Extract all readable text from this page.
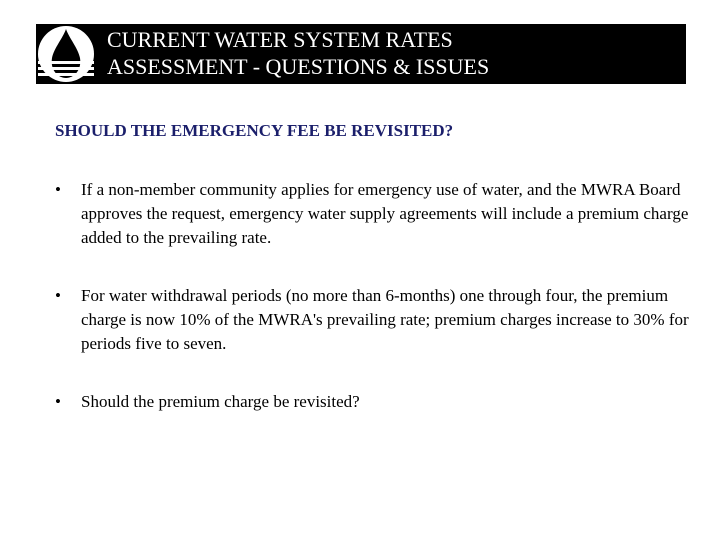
CURRENT WATER SYSTEM RATES
ASSESSMENT - QUESTIONS & ISSUES
SHOULD THE EMERGENCY FEE BE REVISITED?
•	If a non-member community applies for emergency use of water, and the MWRA Board approves the request, emergency water supply agreements will include a premium charge added to the prevailing rate.
•	For water withdrawal periods (no more than 6-months) one through four, the premium charge is now 10% of the MWRA's prevailing rate; premium charges increase to 30% for periods five to seven.
•	Should the premium charge be revisited?
